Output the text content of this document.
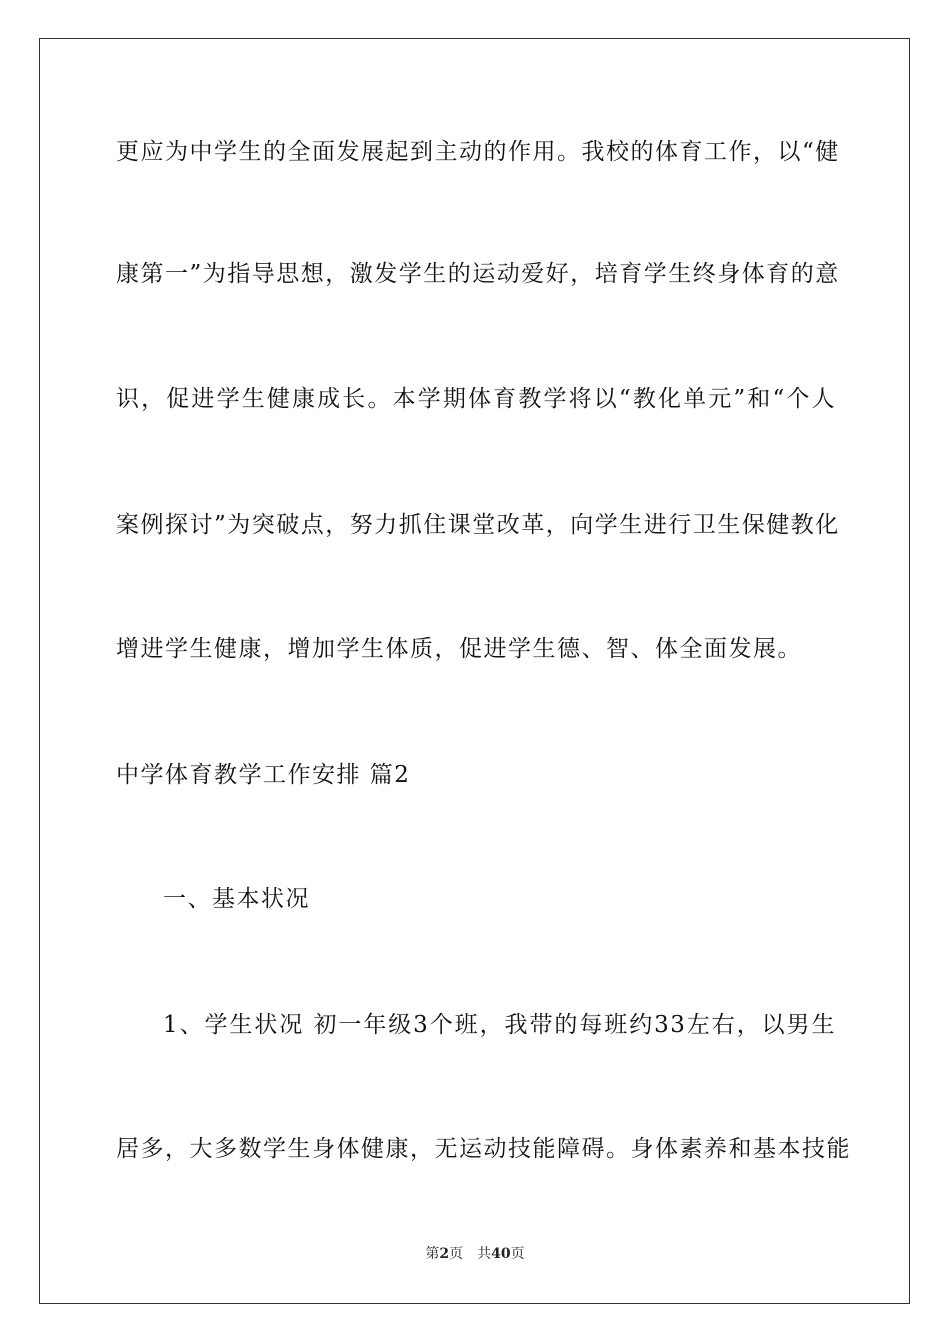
更应为中学生的全面发展起到主动的作用。我校的体育工作，以“健
康第一”为指导思想，激发学生的运动爱好，培育学生终身体育的意
识，促进学生健康成长。本学期体育教学将以“教化单元”和“个人
案例探讨”为突破点，努力抓住课堂改革，向学生进行卫生保健教化
增进学生健康，增加学生体质，促进学生德、智、体全面发展。
中学体育教学工作安排 篇2
一、基本状况
1、学生状况 初一年级3个班，我带的每班约33左右，以男生
居多，大多数学生身体健康，无运动技能障碍。身体素养和基本技能
第2页 共40页
